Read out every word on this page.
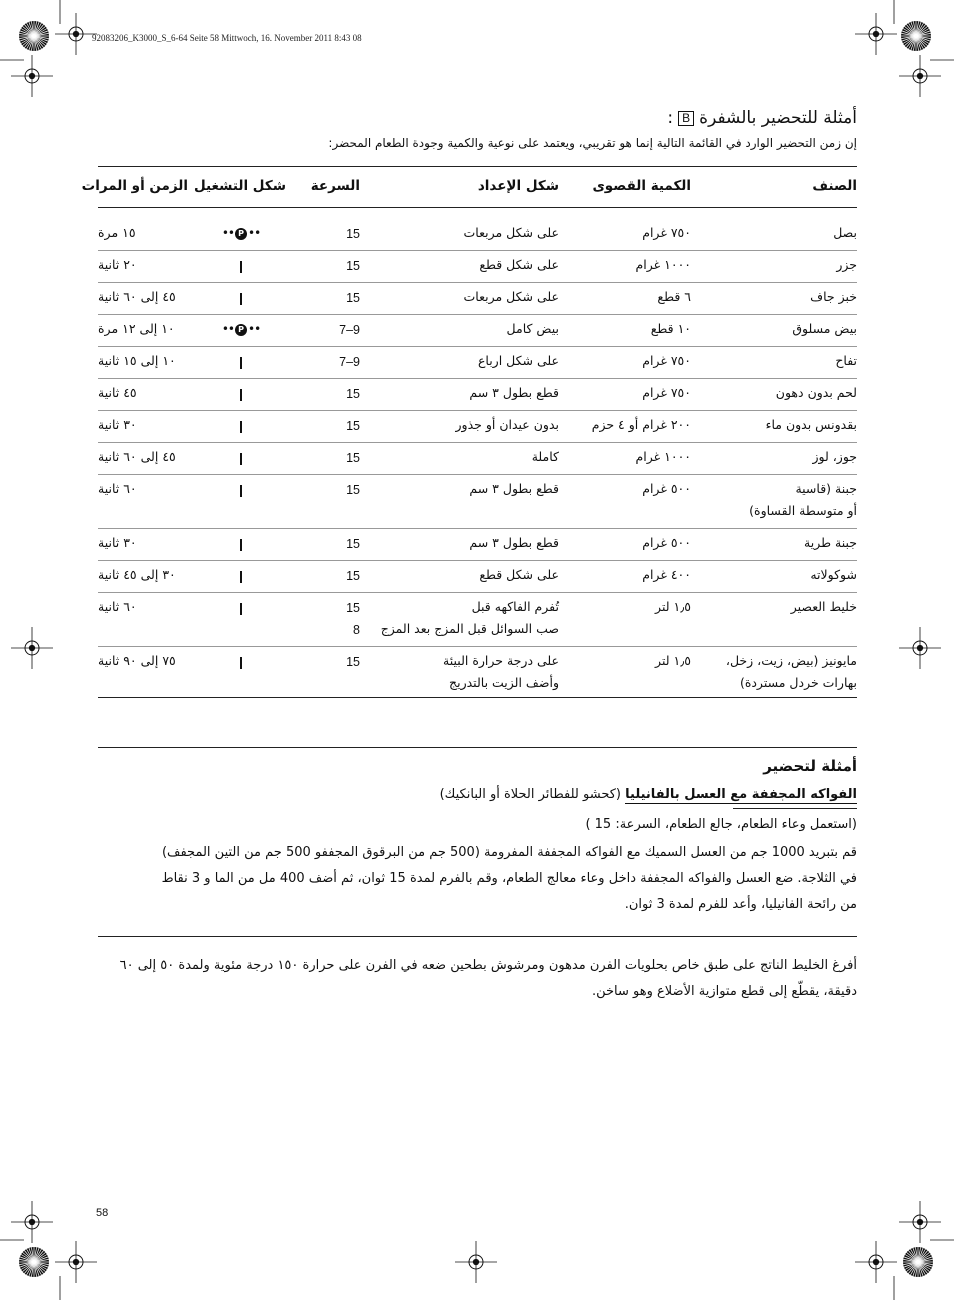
92083206_K3000_S_6-64 Seite 58 Mittwoch, 16. November 2011 8:43 08
أمثلة للتحضير بالشفرة
B
:
إن زمن التحضير الوارد في القائمة التالية إنما هو تقريبي، ويعتمد على نوعية والكمية وجودة الطعام المحضر:
الصنف
الكمية القصوى
شكل الإعداد
السرعة
شكل التشغيل
الزمن أو المرات
بصل
٧٥٠ غرام
على شكل مربعات
15
•• P ••
١٥ مرة
جزر
١٠٠٠ غرام
على شكل قطع
15
٢٠ ثانية
خبز جاف
٦ قطع
على شكل مربعات
15
٤٥ إلى ٦٠ ثانية
بيض مسلوق
١٠ قطع
بيض كامل
7–9
•• P ••
١٠ إلى ١٢ مرة
تفاح
٧٥٠ غرام
على شكل ارباع
7–9
١٠ إلى ١٥ ثانية
لحم بدون دهون
٧٥٠ غرام
قطع بطول ٣ سم
15
٤٥ ثانية
بقدونس بدون ماء
٢٠٠ غرام أو ٤ حزم
بدون عيدان أو جذور
15
٣٠ ثانية
جوز، لوز
١٠٠٠ غرام
كاملة
15
٤٥ إلى ٦٠ ثانية
جبنة (قاسية
أو متوسطة القساوة)
٥٠٠ غرام
قطع بطول ٣ سم
15
٦٠ ثانية
جبنة طرية
٥٠٠ غرام
قطع بطول ٣ سم
15
٣٠ ثانية
شوكولاته
٤٠٠ غرام
على شكل قطع
15
٣٠ إلى ٤٥ ثانية
خليط العصير
١٫٥ لتر
تُفرم الفاكهه قبل
صب السوائل قبل المزج بعد المزج
15
8
٦٠ ثانية
مايونيز (بيض، زيت، زخل،
بهارات خردل مستردة)
١٫٥ لتر
على درجة حرارة البيئة
وأضف الزيت بالتدريج
15
٧٥ إلى ٩٠ ثانية
أمثلة لتحضير
الفواكه المجففة مع العسل بالفانيليا (كحشو للفطائر الحلاة أو البانكيك)
(استعمل وعاء الطعام، جالع الطعام، السرعة: 15 )
قم بتبريد 1000 جم من العسل السميك مع الفواكه المجففة المفرومة (500 جم من البرقوق المجففو 500 جم من التين المجفف)
في الثلاجة. ضع العسل والفواكه المجففة داخل وعاء معالج الطعام، وقم بالفرم لمدة 15 ثوان، ثم أضف 400 مل من الما و 3 نقاط
من رائحة الفانيليا، وأعد للفرم لمدة 3 ثوان.
أفرغ الخليط الناتج على طبق خاص بحلويات الفرن مدهون ومرشوش بطحين ضعه في الفرن على حرارة ١٥٠ درجة مئوية ولمدة ٥٠ إلى ٦٠ دقيقة، يقطّع إلى قطع متوازية الأضلاع وهو ساخن.
58
